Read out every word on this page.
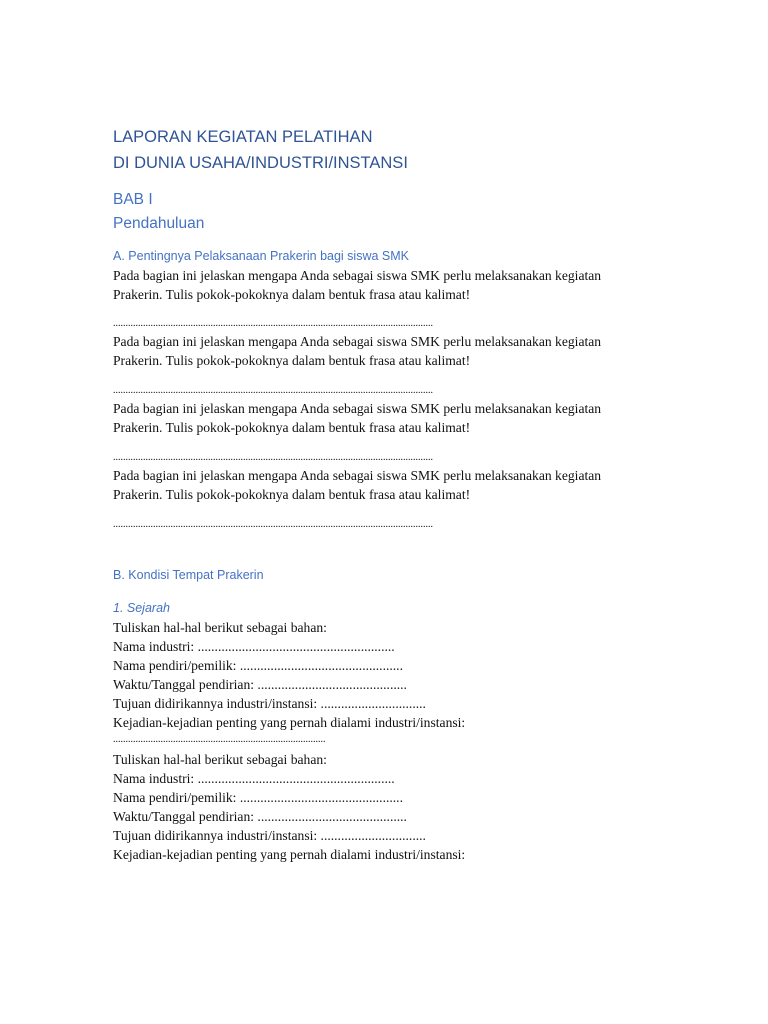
LAPORAN KEGIATAN PELATIHAN

DI DUNIA USAHA/INDUSTRI/INSTANSI

BAB I

Pendahuluan

A. Pentingnya Pelaksanaan Prakerin bagi siswa SMK

Pada bagian ini jelaskan mengapa Anda sebagai siswa SMK perlu melaksanakan kegiatan

Prakerin. Tulis pokok-pokoknya dalam bentuk frasa atau kalimat!

................................................................................................................................

Pada bagian ini jelaskan mengapa Anda sebagai siswa SMK perlu melaksanakan kegiatan

Prakerin. Tulis pokok-pokoknya dalam bentuk frasa atau kalimat!

................................................................................................................................

Pada bagian ini jelaskan mengapa Anda sebagai siswa SMK perlu melaksanakan kegiatan

Prakerin. Tulis pokok-pokoknya dalam bentuk frasa atau kalimat!

................................................................................................................................

Pada bagian ini jelaskan mengapa Anda sebagai siswa SMK perlu melaksanakan kegiatan

Prakerin. Tulis pokok-pokoknya dalam bentuk frasa atau kalimat!

................................................................................................................................

B. Kondisi Tempat Prakerin

1. Sejarah

Tuliskan hal-hal berikut sebagai bahan:

Nama industri: ..........................................................

Nama pendiri/pemilik: ................................................

Waktu/Tanggal pendirian: ............................................

Tujuan didirikannya industri/instansi: ...............................

Kejadian-kejadian penting yang pernah dialami industri/instansi:

.....................................................................................

Tuliskan hal-hal berikut sebagai bahan:

Nama industri: ..........................................................

Nama pendiri/pemilik: ................................................

Waktu/Tanggal pendirian: ............................................

Tujuan didirikannya industri/instansi: ...............................

Kejadian-kejadian penting yang pernah dialami industri/instansi:
